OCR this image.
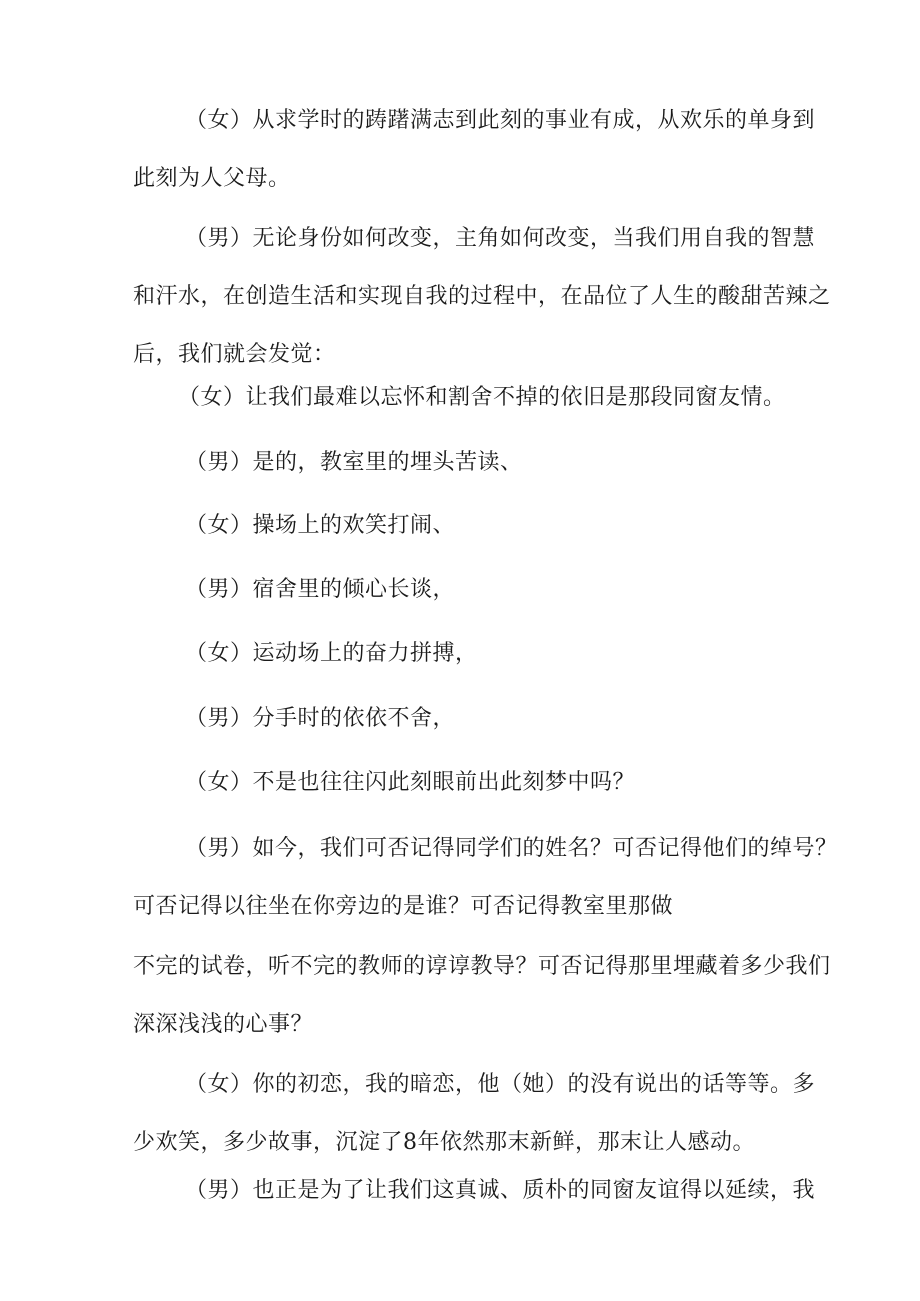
（女）从求学时的踌躇满志到此刻的事业有成，从欢乐的单身到
此刻为人父母。

（男）无论身份如何改变，主角如何改变，当我们用自我的智慧
和汗水，在创造生活和实现自我的过程中，在品位了人生的酸甜苦辣之
后，我们就会发觉：

（女）让我们最难以忘怀和割舍不掉的依旧是那段同窗友情。

（男）是的，教室里的埋头苦读、

（女）操场上的欢笑打闹、

（男）宿舍里的倾心长谈，

（女）运动场上的奋力拼搏，

（男）分手时的依依不舍，

（女）不是也往往闪此刻眼前出此刻梦中吗？

（男）如今，我们可否记得同学们的姓名？可否记得他们的绰号？
可否记得以往坐在你旁边的是谁？可否记得教室里那做

不完的试卷，听不完的教师的谆谆教导？可否记得那里埋藏着多少我们
深深浅浅的心事？

（女）你的初恋，我的暗恋，他（她）的没有说出的话等等。多
少欢笑，多少故事，沉淀了8年依然那末新鲜，那末让人感动。

（男）也正是为了让我们这真诚、质朴的同窗友谊得以延续，我
